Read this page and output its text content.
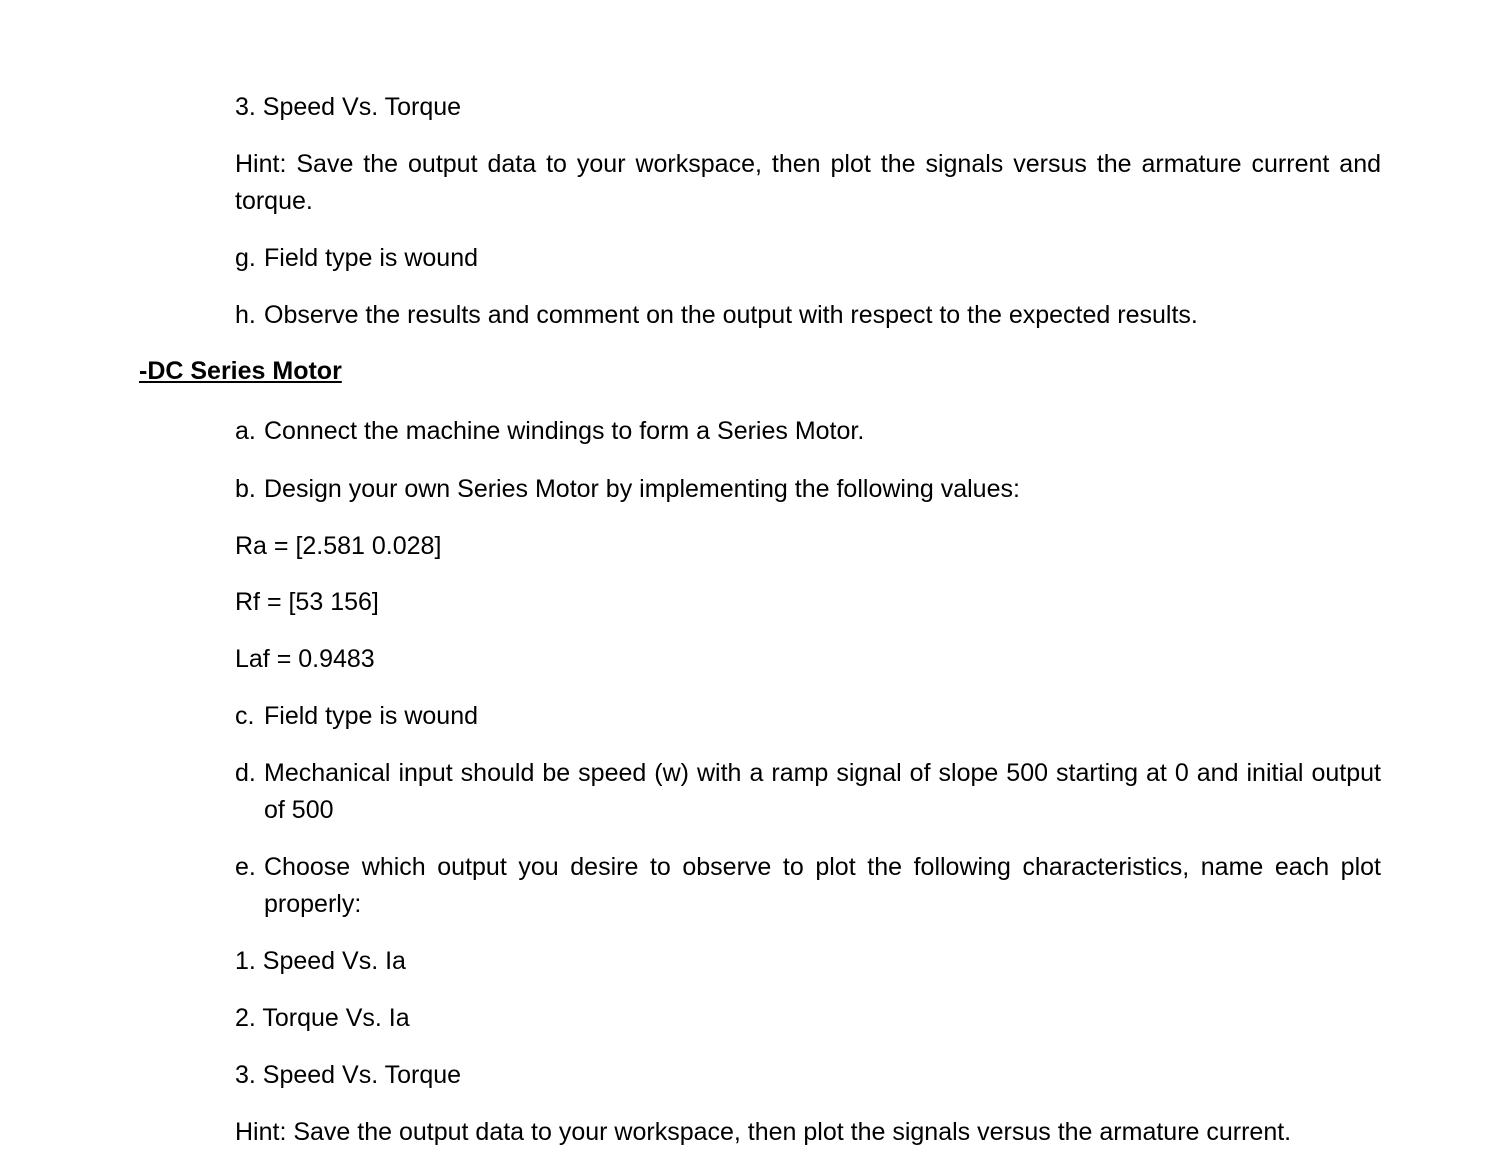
3. Speed Vs. Torque
Hint: Save the output data to your workspace, then plot the signals versus the armature current and torque.
g. Field type is wound
h. Observe the results and comment on the output with respect to the expected results.
-DC Series Motor
a. Connect the machine windings to form a Series Motor.
b. Design your own Series Motor by implementing the following values:
Ra = [2.581 0.028]
Rf = [53 156]
Laf = 0.9483
c. Field type is wound
d. Mechanical input should be speed (w) with a ramp signal of slope 500 starting at 0 and initial output of 500
e. Choose which output you desire to observe to plot the following characteristics, name each plot properly:
1. Speed Vs. Ia
2. Torque Vs. Ia
3. Speed Vs. Torque
Hint: Save the output data to your workspace, then plot the signals versus the armature current.
